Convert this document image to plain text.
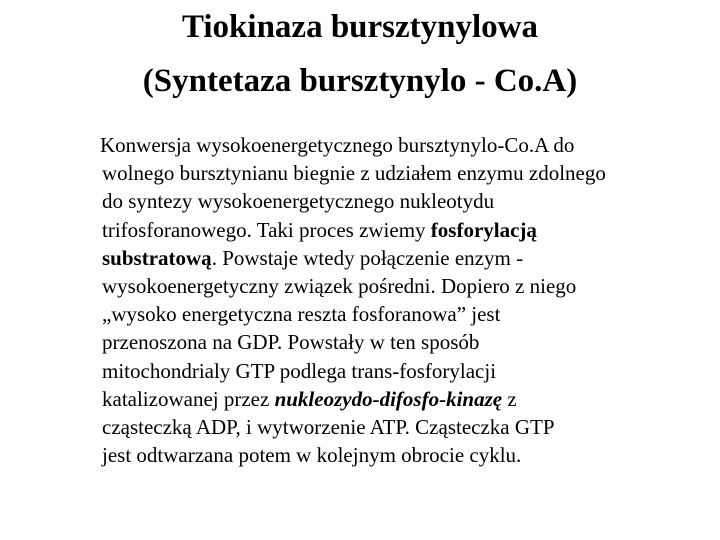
Tiokinaza bursztynylowa
(Syntetaza bursztynylo - Co.A)
Konwersja wysokoenergetycznego bursztynylo-Co.A do
wolnego bursztynianu biegnie z udziałem enzymu zdolnego
do syntezy wysokoenergetycznego nukleotydu
trifosforanowego. Taki proces zwiemy fosforylacją
substratową. Powstaje wtedy połączenie enzym -
wysokoenergetyczny związek pośredni. Dopiero z niego
„wysoko energetyczna reszta fosforanowa” jest
przenoszona na GDP. Powstały w ten sposób
mitochondrialy GTP podlega trans-fosforylacji
katalizowanej przez nukleozydo-difosfo-kinazę z
cząsteczką ADP, i wytworzenie ATP. Cząsteczka GTP
jest odtwarzana potem w kolejnym obrocie cyklu.
